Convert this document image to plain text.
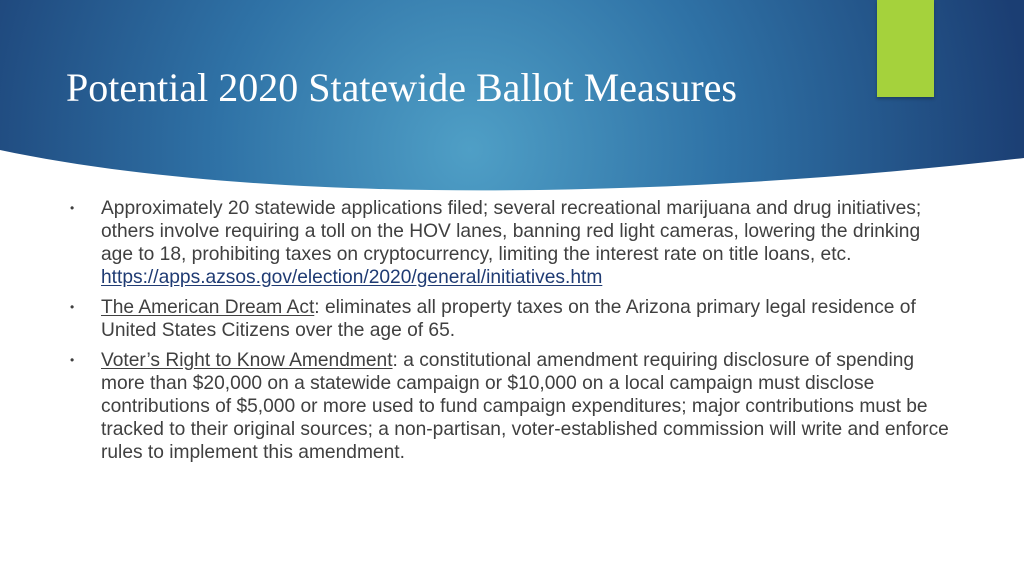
Potential 2020 Statewide Ballot Measures
•	Approximately 20 statewide applications filed; several recreational marijuana and drug initiatives; others involve requiring a toll on the HOV lanes, banning red light cameras, lowering the drinking age to 18, prohibiting taxes on cryptocurrency, limiting the interest rate on title loans, etc.
https://apps.azsos.gov/election/2020/general/initiatives.htm
•	The American Dream Act: eliminates all property taxes on the Arizona primary legal residence of United States Citizens over the age of 65.
•	Voter’s Right to Know Amendment: a constitutional amendment requiring disclosure of spending more than $20,000 on a statewide campaign or $10,000 on a local campaign must disclose contributions of $5,000 or more used to fund campaign expenditures; major contributions must be tracked to their original sources; a non-partisan, voter-established commission will write and enforce rules to implement this amendment.
